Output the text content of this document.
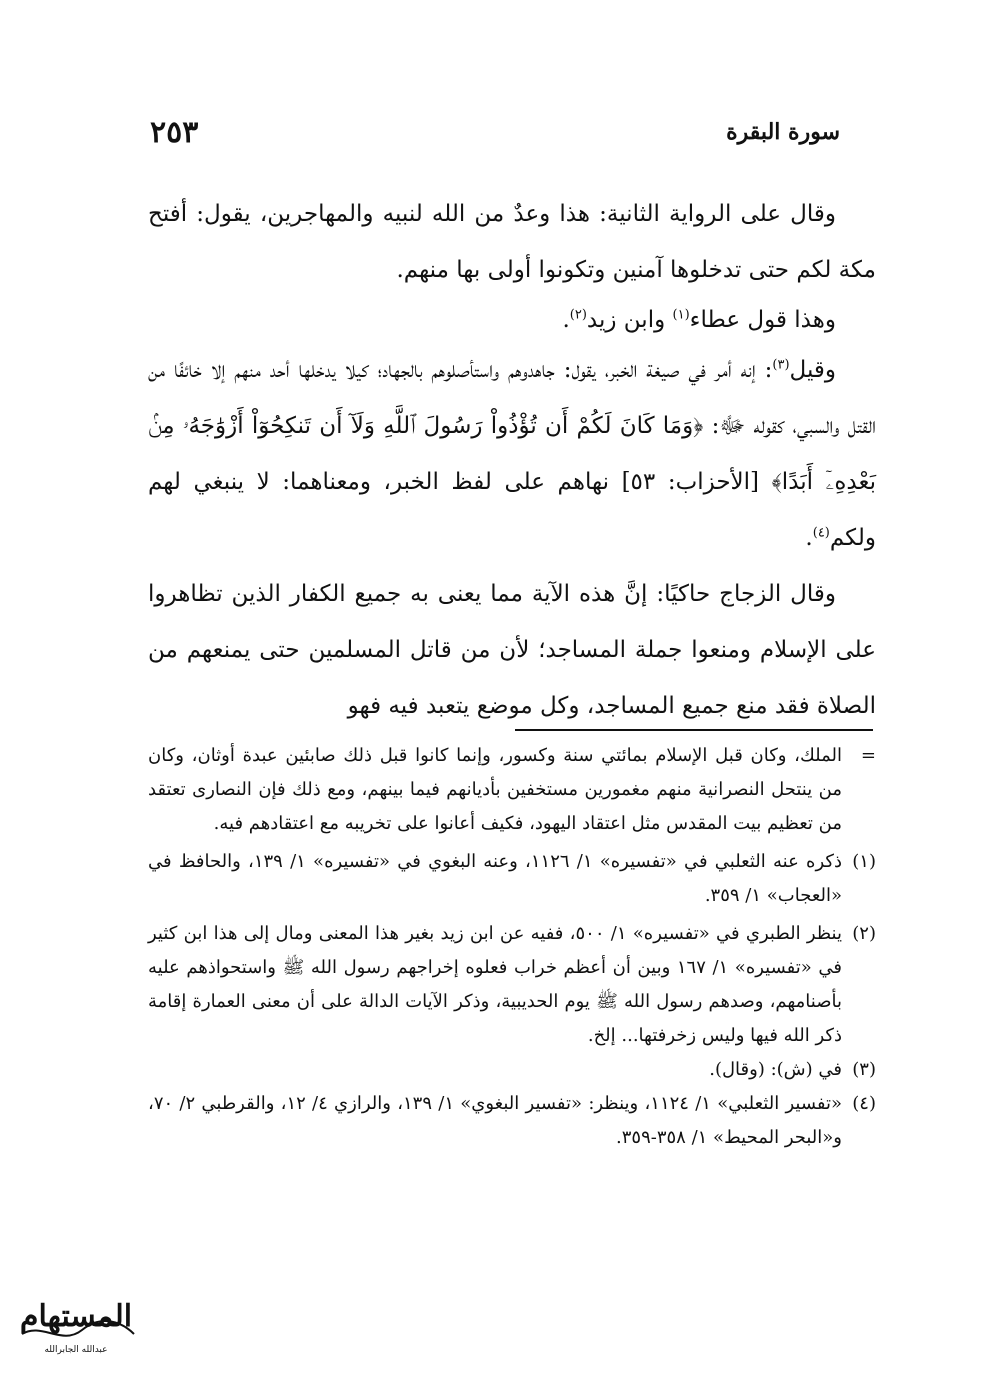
سورة البقرة
٢٥٣

وقال على الرواية الثانية: هذا وعدٌ من الله لنبيه والمهاجرين، يقول: أفتح مكة لكم حتى تدخلوها آمنين وتكونوا أولى بها منهم.

وهذا قول عطاء$^{(١)}$ وابن زيد$^{(٢)}$.

وقيل$^{(٣)}$: إنه أمر في صيغة الخبر، يقول: جاهدوهم واستأصلوهم بالجهاد؛ كيلا يدخلها أحد منهم إلا خائفًا من القتل والسبي، كقوله ﷻ: ﴿وَمَا كَانَ لَكُمْ أَن تُؤْذُواْ رَسُولَ ٱللَّهِ وَلَآ أَن تَنكِحُوٓاْ أَزْوَٰجَهُۥ مِنۢ بَعْدِهِۦٓ أَبَدًا﴾ [الأحزاب: ٥٣] نهاهم على لفظ الخبر، ومعناهما: لا ينبغي لهم ولكم$^{(٤)}$.

وقال الزجاج حاكيًا: إنَّ هذه الآية مما يعنى به جميع الكفار الذين تظاهروا على الإسلام ومنعوا جملة المساجد؛ لأن من قاتل المسلمين حتى يمنعهم من الصلاة فقد منع جميع المساجد، وكل موضع يتعبد فيه فهو

=
الملك، وكان قبل الإسلام بمائتي سنة وكسور، وإنما كانوا قبل ذلك صابئين عبدة أوثان، وكان من ينتحل النصرانية منهم مغمورين مستخفين بأديانهم فيما بينهم، ومع ذلك فإن النصارى تعتقد من تعظيم بيت المقدس مثل اعتقاد اليهود، فكيف أعانوا على تخريبه مع اعتقادهم فيه.
(١)
ذكره عنه الثعلبي في «تفسيره» ١/ ١١٢٦، وعنه البغوي في «تفسيره» ١/ ١٣٩، والحافظ في «العجاب» ١/ ٣٥٩.
(٢)
ينظر الطبري في «تفسيره» ١/ ٥٠٠، ففيه عن ابن زيد بغير هذا المعنى ومال إلى هذا ابن كثير في «تفسيره» ١/ ١٦٧ وبين أن أعظم خراب فعلوه إخراجهم رسول الله ﷺ واستحواذهم عليه بأصنامهم، وصدهم رسول الله ﷺ يوم الحديبية، وذكر الآيات الدالة على أن معنى العمارة إقامة ذكر الله فيها وليس زخرفتها... إلخ.
(٣)
في (ش): (وقال).
(٤)
«تفسير الثعلبي» ١/ ١١٢٤، وينظر: «تفسير البغوي» ١/ ١٣٩، والرازي ٤/ ١٢، والقرطبي ٢/ ٧٠، و«البحر المحيط» ١/ ٣٥٨-٣٥٩.
المستهام
عبدالله الجابرالله
